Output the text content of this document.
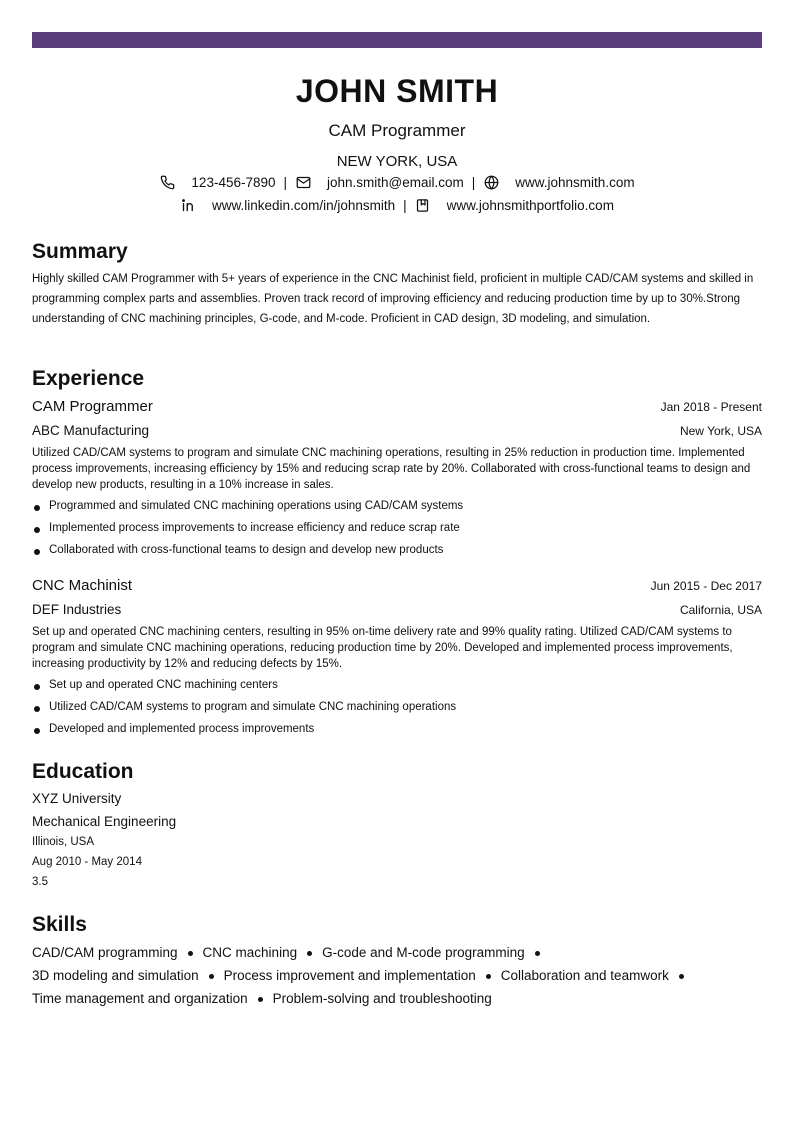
JOHN SMITH
CAM Programmer
NEW YORK, USA
123-456-7890 |	john.smith@email.com |	www.johnsmith.com
www.linkedin.com/in/johnsmith |	www.johnsmithportfolio.com
Summary
Highly skilled CAM Programmer with 5+ years of experience in the CNC Machinist field, proficient in multiple CAD/CAM systems and skilled in programming complex parts and assemblies. Proven track record of improving efficiency and reducing production time by up to 30%.Strong understanding of CNC machining principles, G-code, and M-code. Proficient in CAD design, 3D modeling, and simulation.
Experience
CAM Programmer	Jan 2018 - Present
ABC Manufacturing	New York, USA
Utilized CAD/CAM systems to program and simulate CNC machining operations, resulting in 25% reduction in production time. Implemented process improvements, increasing efficiency by 15% and reducing scrap rate by 20%. Collaborated with cross-functional teams to design and develop new products, resulting in a 10% increase in sales.
Programmed and simulated CNC machining operations using CAD/CAM systems
Implemented process improvements to increase efficiency and reduce scrap rate
Collaborated with cross-functional teams to design and develop new products
CNC Machinist	Jun 2015 - Dec 2017
DEF Industries	California, USA
Set up and operated CNC machining centers, resulting in 95% on-time delivery rate and 99% quality rating. Utilized CAD/CAM systems to program and simulate CNC machining operations, reducing production time by 20%. Developed and implemented process improvements, increasing productivity by 12% and reducing defects by 15%.
Set up and operated CNC machining centers
Utilized CAD/CAM systems to program and simulate CNC machining operations
Developed and implemented process improvements
Education
XYZ University
Mechanical Engineering
Illinois, USA
Aug 2010 - May 2014
3.5
Skills
CAD/CAM programming CNC machining G-code and M-code programming
3D modeling and simulation Process improvement and implementation Collaboration and teamwork
Time management and organization Problem-solving and troubleshooting
